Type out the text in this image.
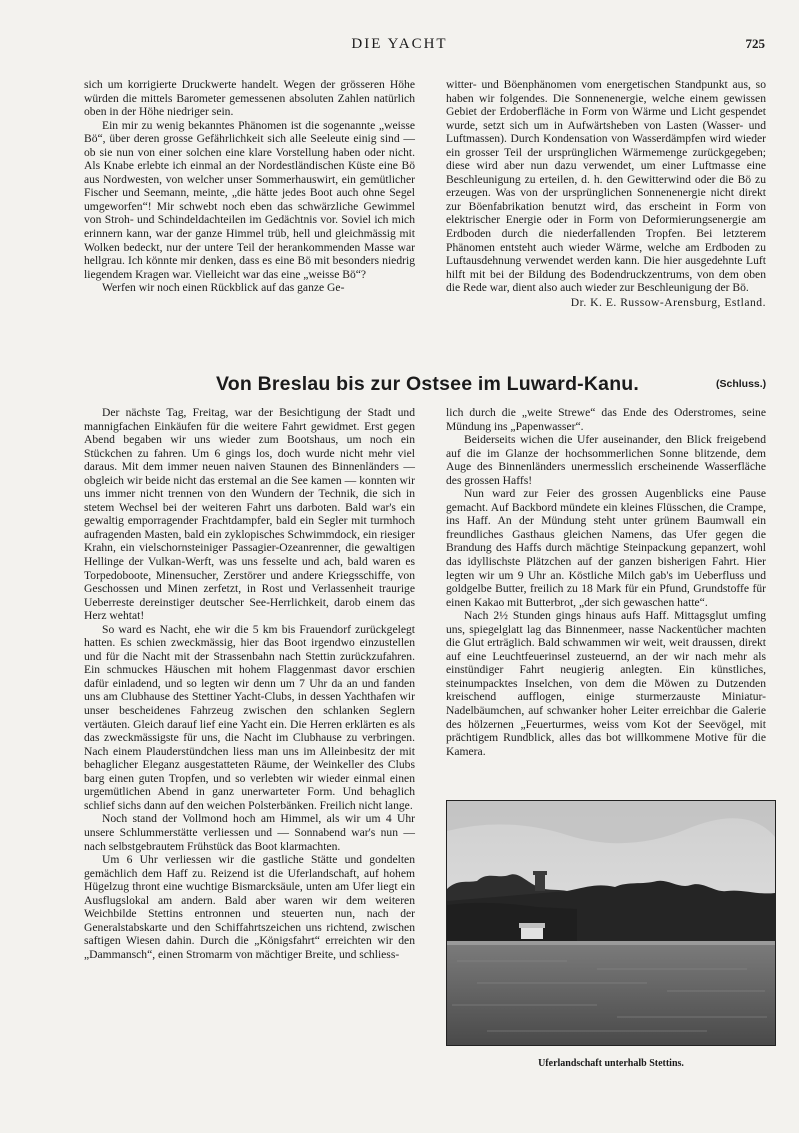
DIE YACHT	725

sich um korrigierte Druckwerte handelt. Wegen der grösseren Höhe würden die mittels Barometer gemessenen absoluten Zahlen natürlich oben in der Höhe niedriger sein.

Ein mir zu wenig bekanntes Phänomen ist die sogenannte „weisse Bö“, über deren grosse Gefährlichkeit sich alle Seeleute einig sind — ob sie nun von einer solchen eine klare Vorstellung haben oder nicht. Als Knabe erlebte ich einmal an der Nordestländischen Küste eine Bö aus Nordwesten, von welcher unser Sommerhauswirt, ein gemütlicher Fischer und Seemann, meinte, „die hätte jedes Boot auch ohne Segel umgeworfen“! Mir schwebt noch eben das schwärzliche Gewimmel von Stroh- und Schindeldachteilen im Gedächtnis vor. Soviel ich mich erinnern kann, war der ganze Himmel trüb, hell und gleichmässig mit Wolken bedeckt, nur der untere Teil der herankommenden Masse war hellgrau. Ich könnte mir denken, dass es eine Bö mit besonders niedrig liegendem Kragen war. Vielleicht war das eine „weisse Bö“?

Werfen wir noch einen Rückblick auf das ganze Ge-

witter- und Böenphänomen vom energetischen Standpunkt aus, so haben wir folgendes. Die Sonnenenergie, welche einem gewissen Gebiet der Erdoberfläche in Form von Wärme und Licht gespendet wurde, setzt sich um in Aufwärtsheben von Lasten (Wasser- und Luftmassen). Durch Kondensation von Wasserdämpfen wird wieder ein grosser Teil der ursprünglichen Wärmemenge zurückgegeben; diese wird aber nun dazu verwendet, um einer Luftmasse eine Beschleunigung zu erteilen, d. h. den Gewitterwind oder die Bö zu erzeugen. Was von der ursprünglichen Sonnenenergie nicht direkt zur Böenfabrikation benutzt wird, das erscheint in Form von elektrischer Energie oder in Form von Deformierungsenergie am Erdboden durch die niederfallenden Tropfen. Bei letzterem Phänomen entsteht auch wieder Wärme, welche am Erdboden zu Luftausdehnung verwendet werden kann. Die hier ausgedehnte Luft hilft mit bei der Bildung des Bodendruckzentrums, von dem oben die Rede war, dient also auch wieder zur Beschleunigung der Bö.

Dr. K. E. Russow-Arensburg, Estland.

Von Breslau bis zur Ostsee im Luward-Kanu.	(Schluss.)

Der nächste Tag, Freitag, war der Besichtigung der Stadt und mannigfachen Einkäufen für die weitere Fahrt gewidmet. Erst gegen Abend begaben wir uns wieder zum Bootshaus, um noch ein Stückchen zu fahren. Um 6 gings los, doch wurde nicht mehr viel daraus. Mit dem immer neuen naiven Staunen des Binnenländers — obgleich wir beide nicht das erstemal an die See kamen — konnten wir uns immer nicht trennen von den Wundern der Technik, die sich in stetem Wechsel bei der weiteren Fahrt uns darboten. Bald war's ein gewaltig emporragender Frachtdampfer, bald ein Segler mit turmhoch aufragenden Masten, bald ein zyklopisches Schwimmdock, ein riesiger Krahn, ein vielschornsteiniger Passagier-Ozeanrenner, die gewaltigen Hellinge der Vulkan-Werft, was uns fesselte und ach, bald waren es Torpedoboote, Minensucher, Zerstörer und andere Kriegsschiffe, von Geschossen und Minen zerfetzt, in Rost und Verlassenheit traurige Ueberreste dereinstiger deutscher See-Herrlichkeit, darob einem das Herz wehtat!

So ward es Nacht, ehe wir die 5 km bis Frauendorf zurückgelegt hatten. Es schien zweckmässig, hier das Boot irgendwo einzustellen und für die Nacht mit der Strassenbahn nach Stettin zurückzufahren. Ein schmuckes Häuschen mit hohem Flaggenmast davor erschien dafür einladend, und so legten wir denn um 7 Uhr da an und fanden uns am Clubhause des Stettiner Yacht-Clubs, in dessen Yachthafen wir unser bescheidenes Fahrzeug zwischen den schlanken Seglern vertäuten. Gleich darauf lief eine Yacht ein. Die Herren erklärten es als das zweckmässigste für uns, die Nacht im Clubhause zu verbringen. Nach einem Plauderstündchen liess man uns im Alleinbesitz der mit behaglicher Eleganz ausgestatteten Räume, der Weinkeller des Clubs barg einen guten Tropfen, und so verlebten wir wieder einmal einen urgemütlichen Abend in ganz unerwarteter Form. Und behaglich schlief sichs dann auf den weichen Polsterbänken. Freilich nicht lange.

Noch stand der Vollmond hoch am Himmel, als wir um 4 Uhr unsere Schlummerstätte verliessen und — Sonnabend war's nun — nach selbstgebrautem Frühstück das Boot klarmachten.

Um 6 Uhr verliessen wir die gastliche Stätte und gondelten gemächlich dem Haff zu. Reizend ist die Uferlandschaft, auf hohem Hügelzug thront eine wuchtige Bismarcksäule, unten am Ufer liegt ein Ausflugslokal am andern. Bald aber waren wir dem weiteren Weichbilde Stettins entronnen und steuerten nun, nach der Generalstabskarte und den Schiffahrtszeichen uns richtend, zwischen saftigen Wiesen dahin. Durch die „Königsfahrt“ erreichten wir den „Dammansch“, einen Stromarm von mächtiger Breite, und schliess-

lich durch die „weite Strewe“ das Ende des Oderstromes, seine Mündung ins „Papenwasser“.

Beiderseits wichen die Ufer auseinander, den Blick freigebend auf die im Glanze der hochsommerlichen Sonne blitzende, dem Auge des Binnenländers unermesslich erscheinende Wasserfläche des grossen Haffs!

Nun ward zur Feier des grossen Augenblicks eine Pause gemacht. Auf Backbord mündete ein kleines Flüsschen, die Crampe, ins Haff. An der Mündung steht unter grünem Baumwall ein freundliches Gasthaus gleichen Namens, das Ufer gegen die Brandung des Haffs durch mächtige Steinpackung gepanzert, wohl das idyllischste Plätzchen auf der ganzen bisherigen Fahrt. Hier legten wir um 9 Uhr an. Köstliche Milch gab's im Ueberfluss und goldgelbe Butter, freilich zu 18 Mark für ein Pfund, Grundstoffe für einen Kakao mit Butterbrot, „der sich gewaschen hatte“.

Nach 2½ Stunden gings hinaus aufs Haff. Mittagsglut umfing uns, spiegelglatt lag das Binnenmeer, nasse Nackentücher machten die Glut erträglich. Bald schwammen wir weit, weit draussen, direkt auf eine Leuchtfeuerinsel zusteuernd, an der wir nach mehr als einstündiger Fahrt neugierig anlegten. Ein künstliches, steinumpacktes Inselchen, von dem die Möwen zu Dutzenden kreischend aufflogen, einige sturmerzauste Miniatur-Nadelbäumchen, auf schwanker hoher Leiter erreichbar die Galerie des hölzernen „Feuerturmes, weiss vom Kot der Seevögel, mit prächtigem Rundblick, alles das bot willkommene Motive für die Kamera.

Uferlandschaft unterhalb Stettins.
